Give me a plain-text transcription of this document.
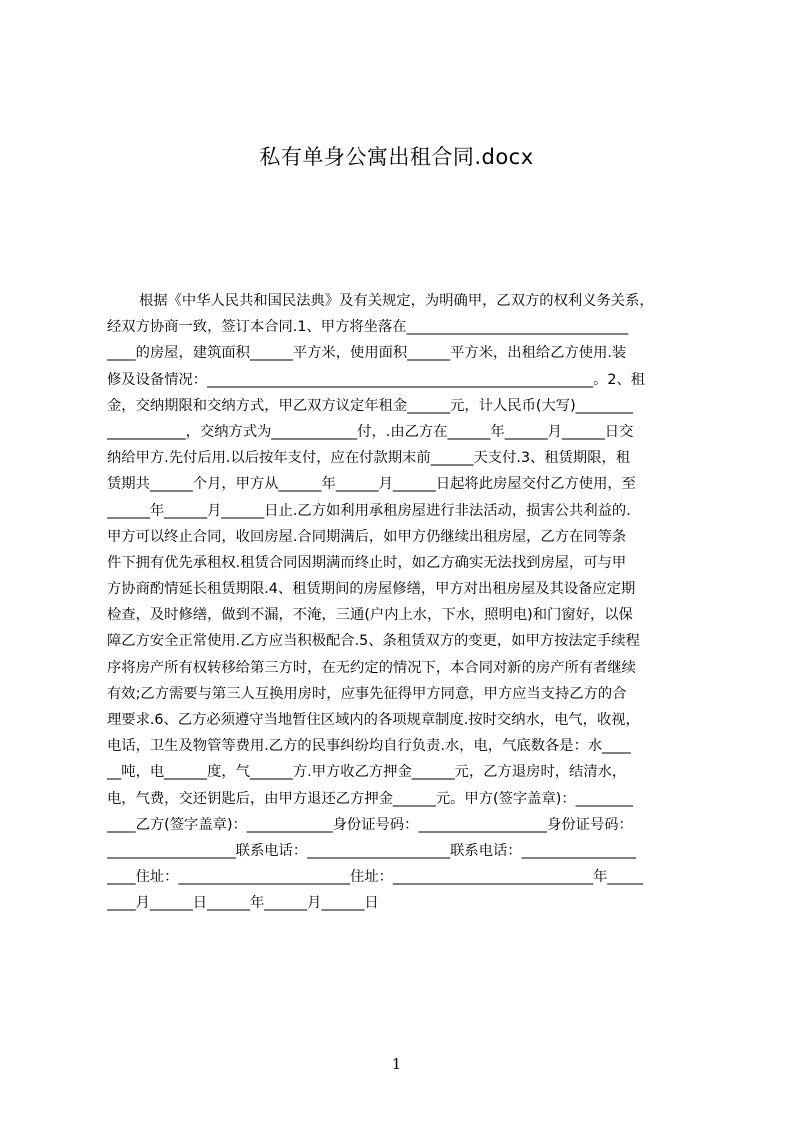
私有单身公寓出租合同.docx
根据《中华人民共和国民法典》及有关规定，为明确甲，乙双方的权利义务关系，
经双方协商一致，签订本合同.1、甲方将坐落在_______________________________
____的房屋，建筑面积______平方米，使用面积______平方米，出租给乙方使用.装
修及设备情况：______________________________________________________。2、租
金，交纳期限和交纳方式，甲乙双方议定年租金______元，计人民币(大写)________
___________，交纳方式为____________付，.由乙方在______年______月______日交
纳给甲方.先付后用.以后按年支付，应在付款期末前______天支付.3、租赁期限，租
赁期共______个月，甲方从______年______月______日起将此房屋交付乙方使用，至
______年______月______日止.乙方如利用承租房屋进行非法活动，损害公共利益的.
甲方可以终止合同，收回房屋.合同期满后，如甲方仍继续出租房屋，乙方在同等条
件下拥有优先承租权.租赁合同因期满而终止时，如乙方确实无法找到房屋，可与甲
方协商酌情延长租赁期限.4、租赁期间的房屋修缮，甲方对出租房屋及其设备应定期
检查，及时修缮，做到不漏，不淹，三通(户内上水，下水，照明电)和门窗好，以保
障乙方安全正常使用.乙方应当积极配合.5、条租赁双方的变更，如甲方按法定手续程
序将房产所有权转移给第三方时，在无约定的情况下，本合同对新的房产所有者继续
有效;乙方需要与第三人互换用房时，应事先征得甲方同意，甲方应当支持乙方的合
理要求.6、乙方必须遵守当地暂住区域内的各项规章制度.按时交纳水，电气，收视，
电话，卫生及物管等费用.乙方的民事纠纷均自行负责.水，电，气底数各是：水____
__吨，电______度，气______方.甲方收乙方押金______元，乙方退房时，结清水，
电，气费，交还钥匙后，由甲方退还乙方押金______元。甲方(签字盖章)：________
____乙方(签字盖章)：____________身份证号码：__________________身份证号码：
__________________联系电话：____________________联系电话：________________
____住址：________________________住址：____________________________年_____
____月______日______年______月______日
1
